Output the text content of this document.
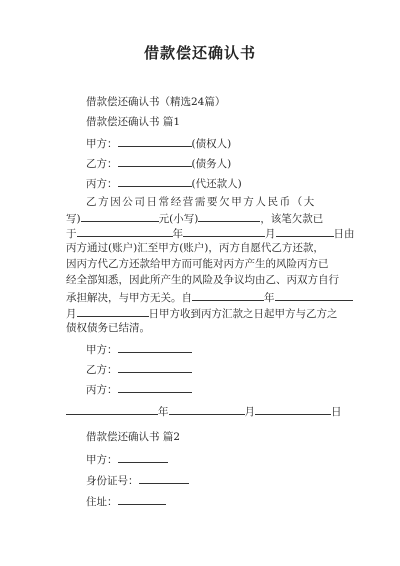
借款偿还确认书
借款偿还确认书（精选24篇）
借款偿还确认书 篇1
甲方：	(债权人)
乙方：	(债务人)
丙方：	(代还款人)
乙方因公司日常经营需要欠甲方人民币（大
写)	元(小写)	，该笔欠款已
于	年	月	日由
丙方通过(账户)汇至甲方(账户)，丙方自愿代乙方还款，
因丙方代乙方还款给甲方而可能对丙方产生的风险丙方已
经全部知悉，因此所产生的风险及争议均由乙、丙双方自行
承担解决，与甲方无关。自	年
月	日甲方收到丙方汇款之日起甲方与乙方之
债权债务已结清。
甲方：
乙方：
丙方：
年	月	日
借款偿还确认书 篇2
甲方：
身份证号：
住址：
